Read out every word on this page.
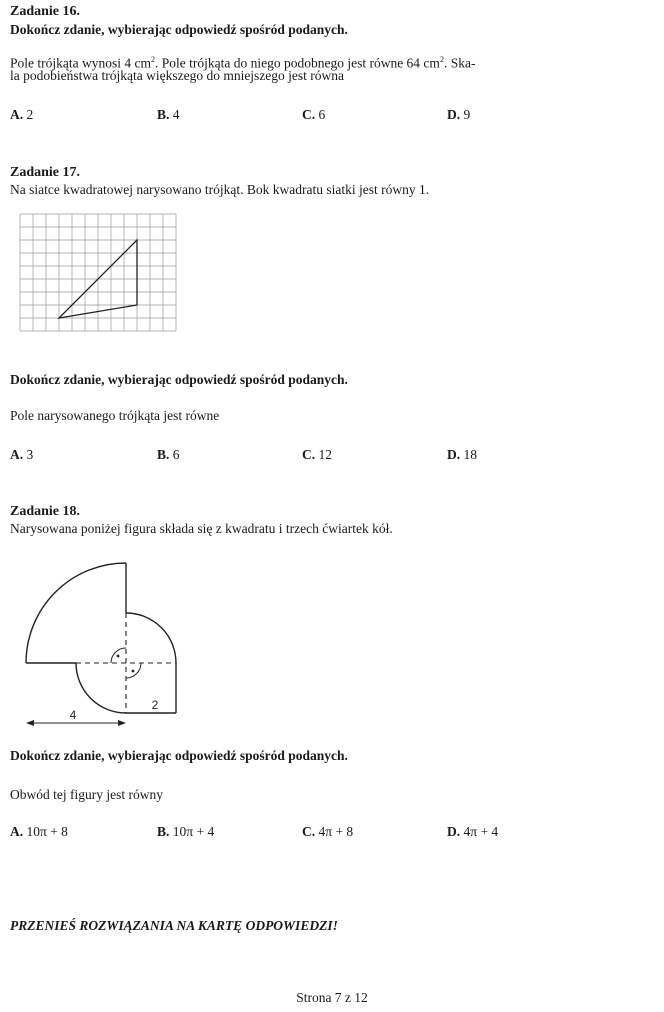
Zadanie 16.
Dokończ zdanie, wybierając odpowiedź spośród podanych.
Pole trójkąta wynosi 4 $cm^2$. Pole trójkąta do niego podobnego jest równe 64 $cm^2$. Ska-
la podobieństwa trójkąta większego do mniejszego jest równa
A. 2	B. 4	C. 6	D. 9
Zadanie 17.
Na siatce kwadratowej narysowano trójkąt. Bok kwadratu siatki jest równy 1.
Dokończ zdanie, wybierając odpowiedź spośród podanych.
Pole narysowanego trójkąta jest równe
A. 3	B. 6	C. 12	D. 18
Zadanie 18.
Narysowana poniżej figura składa się z kwadratu i trzech ćwiartek kół.
4
2
Dokończ zdanie, wybierając odpowiedź spośród podanych.
Obwód tej figury jest równy
A. 10π + 8	B. 10π + 4	C. 4π + 8	D. 4π + 4
PRZENIEŚ ROZWIĄZANIA NA KARTĘ ODPOWIEDZI!
Strona 7 z 12
